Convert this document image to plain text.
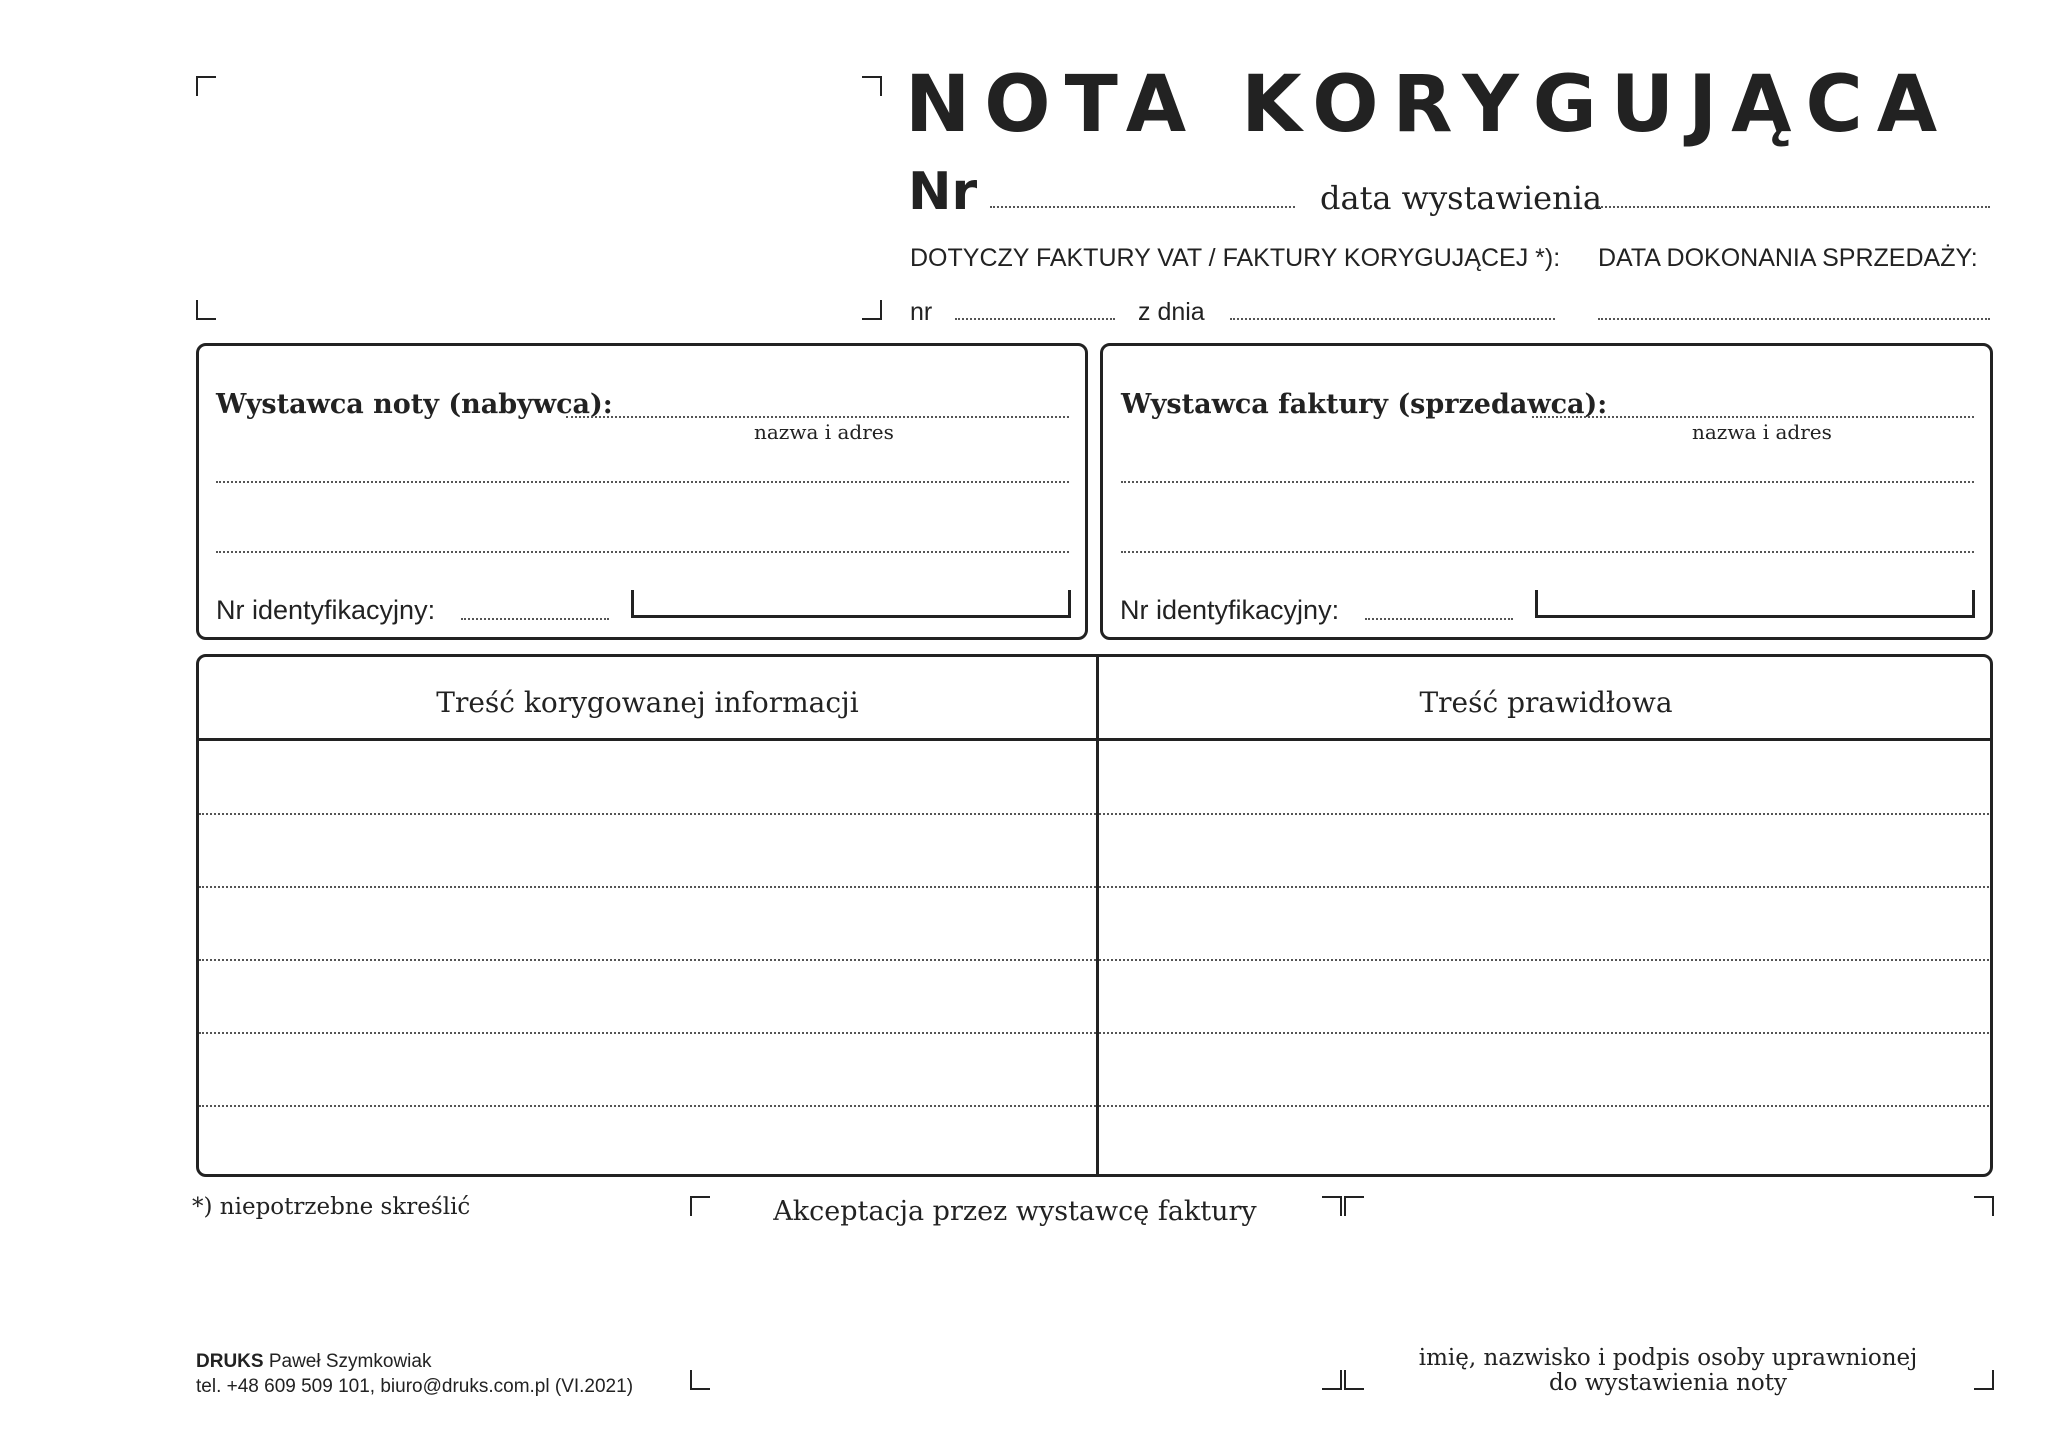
NOTA KORYGUJĄCA
Nr	data wystawienia
DOTYCZY FAKTURY VAT / FAKTURY KORYGUJĄCEJ *): DATA DOKONANIA SPRZEDAŻY:
nr	z dnia
Wystawca noty (nabywca):
nazwa i adres
Nr identyfikacyjny:
Wystawca faktury (sprzedawca):
nazwa i adres
Nr identyfikacyjny:
Treść korygowanej informacji	Treść prawidłowa
*) niepotrzebne skreślić	Akceptacja przez wystawcę faktury
imię, nazwisko i podpis osoby uprawnionej
do wystawienia noty
DRUKS Paweł Szymkowiak
tel. +48 609 509 101, biuro@druks.com.pl (VI.2021)
